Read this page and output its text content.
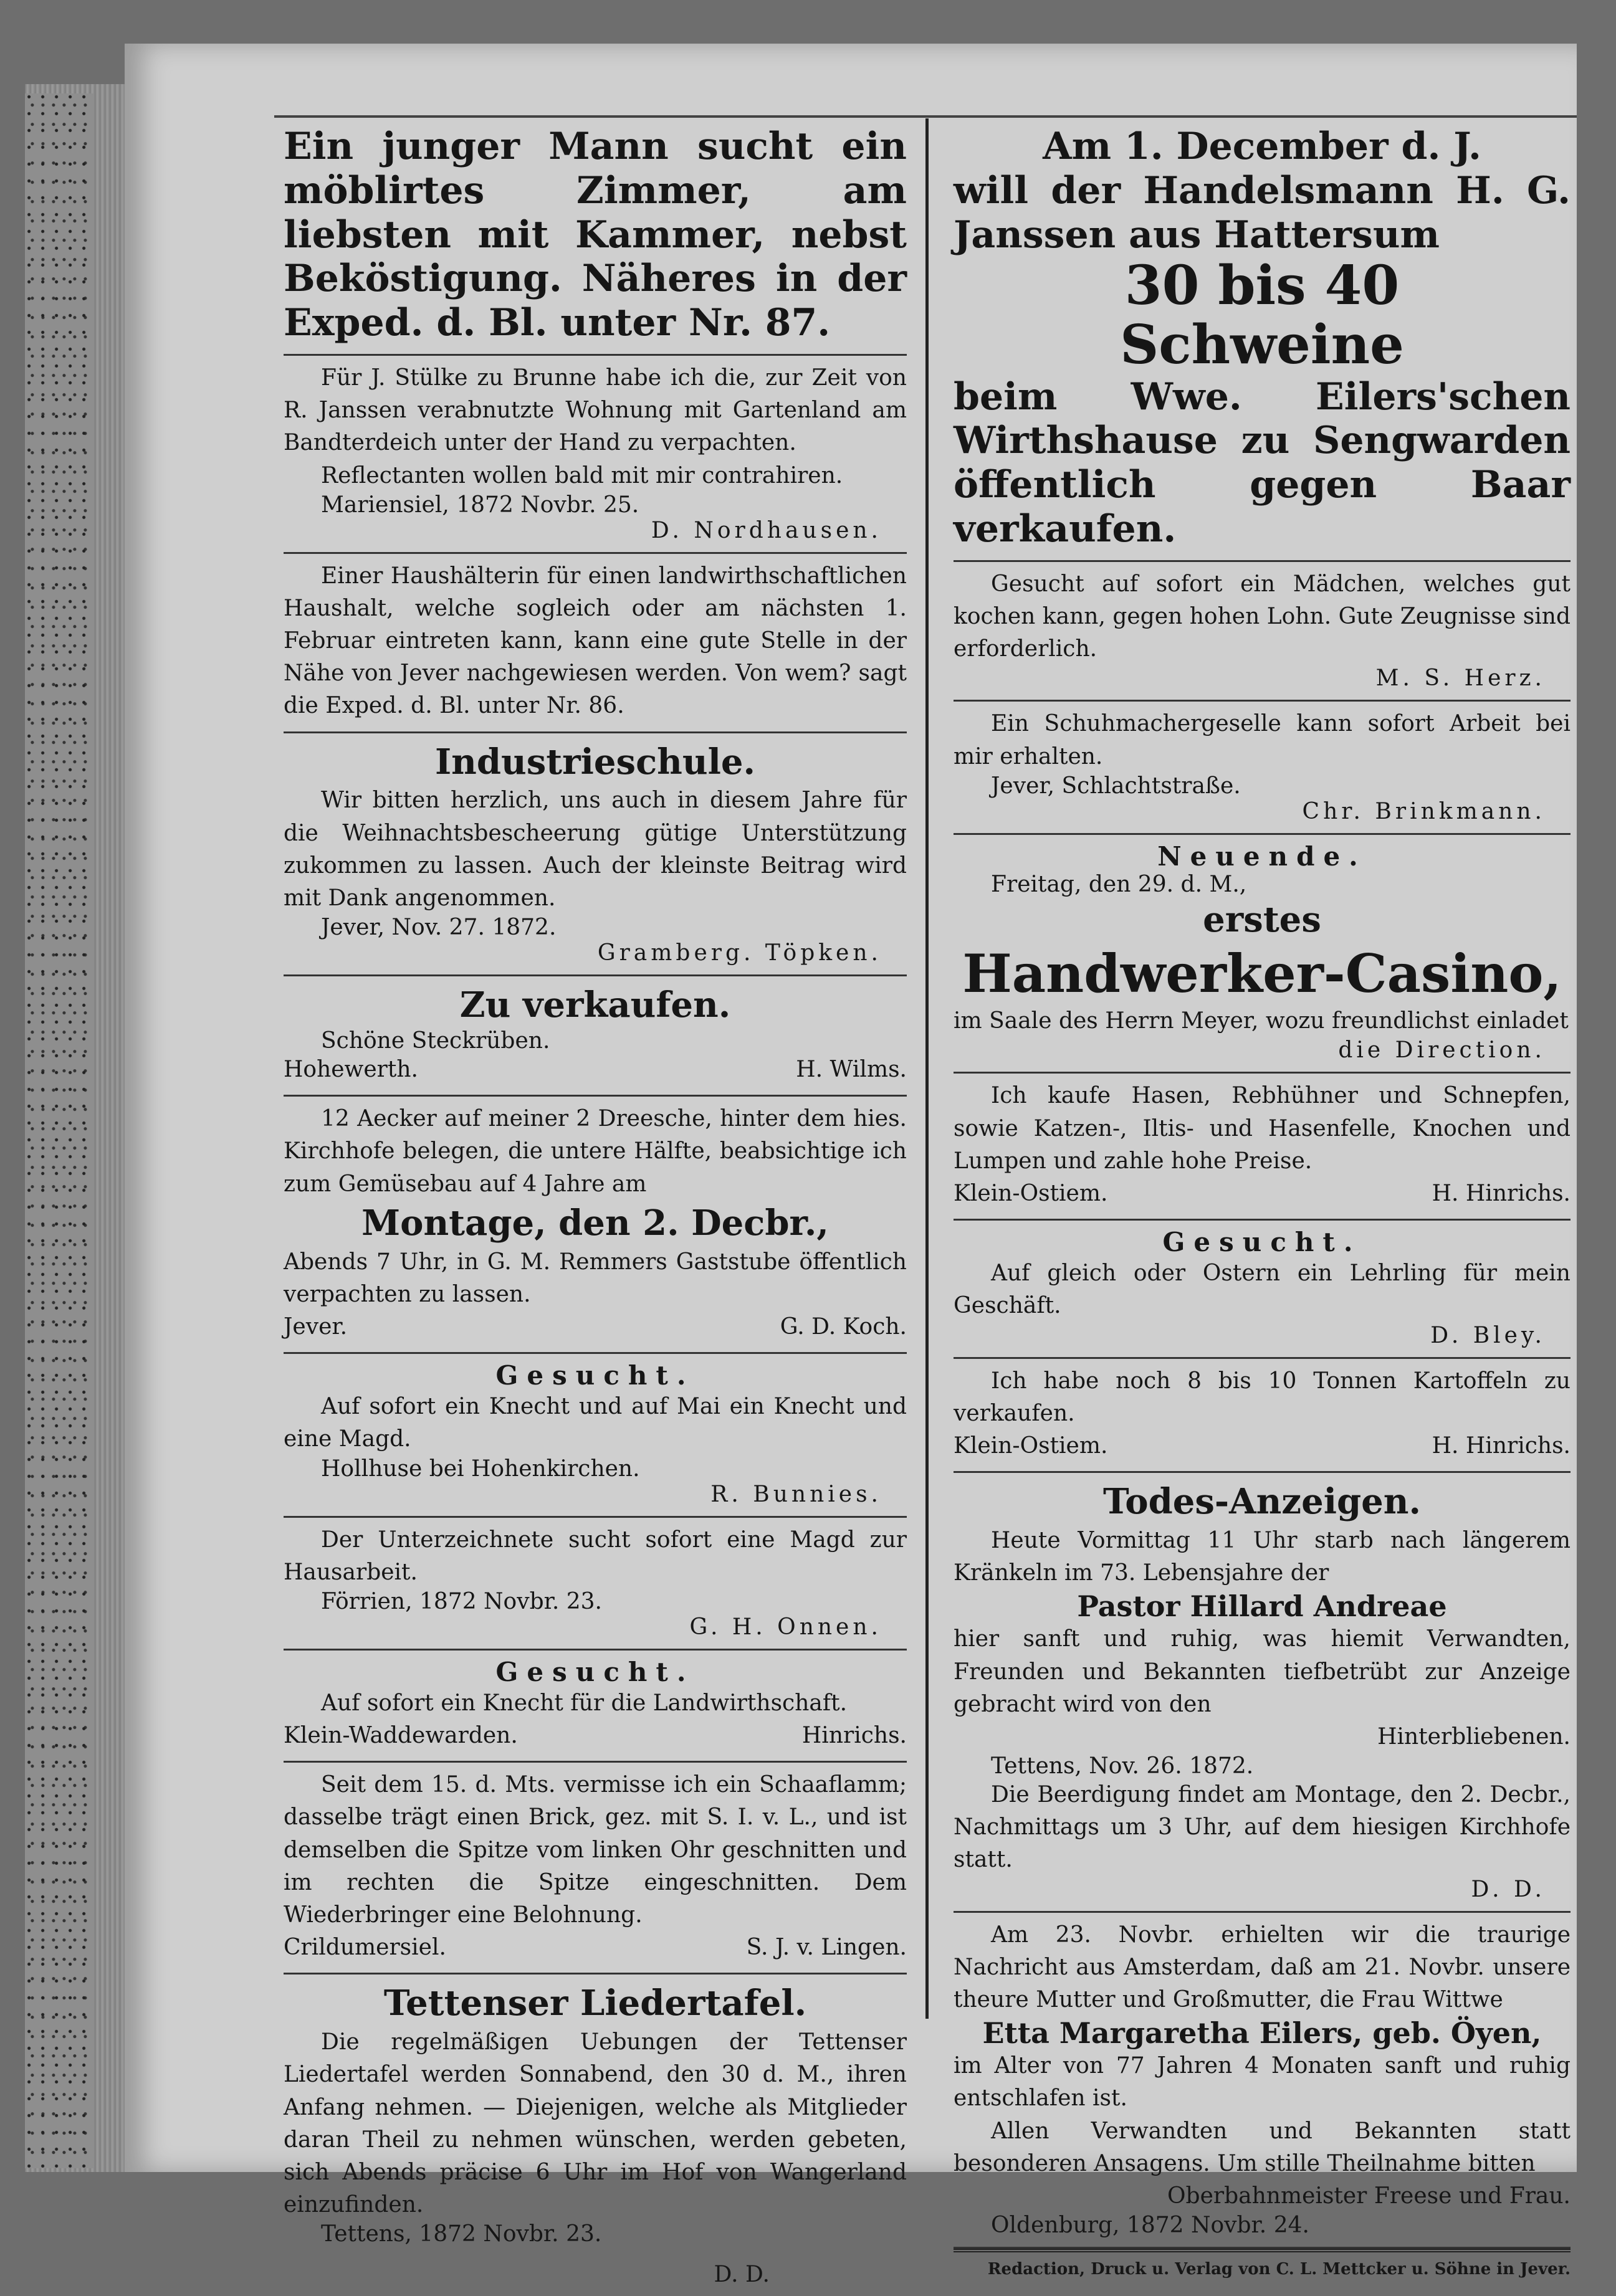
Ein junger Mann sucht ein möblirtes Zimmer, am liebsten mit Kammer, nebst Beköstigung. Näheres in der Exped. d. Bl. unter Nr. 87.
Für J. Stülke zu Brunne habe ich die, zur Zeit von R. Janssen verabnutzte Wohnung mit Gartenland am Bandterdeich unter der Hand zu verpachten.
Reflectanten wollen bald mit mir contrahiren.
Mariensiel, 1872 Novbr. 25.
D. Nordhausen.
Einer Haushälterin für einen landwirthschaftlichen Haushalt, welche sogleich oder am nächsten 1. Februar eintreten kann, kann eine gute Stelle in der Nähe von Jever nachgewiesen werden. Von wem? sagt die Exped. d. Bl. unter Nr. 86.
Industrieschule.
Wir bitten herzlich, uns auch in diesem Jahre für die Weihnachtsbescheerung gütige Unterstützung zukommen zu lassen. Auch der kleinste Beitrag wird mit Dank angenommen.
Jever, Nov. 27. 1872.
Gramberg. Töpken.
Zu verkaufen.
Schöne Steckrüben.
Hohewerth.	H. Wilms.
12 Aecker auf meiner 2 Dreesche, hinter dem hies. Kirchhofe belegen, die untere Hälfte, beabsichtige ich zum Gemüsebau auf 4 Jahre am
Montage, den 2. Decbr.,
Abends 7 Uhr, in G. M. Remmers Gaststube öffentlich verpachten zu lassen.
Jever.	G. D. Koch.
Gesucht.
Auf sofort ein Knecht und auf Mai ein Knecht und eine Magd.
Hollhuse bei Hohenkirchen.
R. Bunnies.
Der Unterzeichnete sucht sofort eine Magd zur Hausarbeit.
Förrien, 1872 Novbr. 23.
G. H. Onnen.
Gesucht.
Auf sofort ein Knecht für die Landwirthschaft.
Klein-Waddewarden.	Hinrichs.
Seit dem 15. d. Mts. vermisse ich ein Schaaflamm; dasselbe trägt einen Brick, gez. mit S. I. v. L., und ist demselben die Spitze vom linken Ohr geschnitten und im rechten die Spitze eingeschnitten. Dem Wiederbringer eine Belohnung.
Crildumersiel.	S. J. v. Lingen.
Tettenser Liedertafel.
Die regelmäßigen Uebungen der Tettenser Liedertafel werden Sonnabend, den 30 d. M., ihren Anfang nehmen. — Diejenigen, welche als Mitglieder daran Theil zu nehmen wünschen, werden gebeten, sich Abends präcise 6 Uhr im Hof von Wangerland einzufinden.
Tettens, 1872 Novbr. 23.
D. D.
Am 1. December d. J.
will der Handelsmann H. G. Janssen aus Hattersum
30 bis 40
Schweine
beim Wwe. Eilers'schen Wirthshause zu Sengwarden öffentlich gegen Baar verkaufen.
Gesucht auf sofort ein Mädchen, welches gut kochen kann, gegen hohen Lohn. Gute Zeugnisse sind erforderlich.
M. S. Herz.
Ein Schuhmachergeselle kann sofort Arbeit bei mir erhalten.
Jever, Schlachtstraße.
Chr. Brinkmann.
Neuende.
Freitag, den 29. d. M.,
erstes
Handwerker-Casino,
im Saale des Herrn Meyer, wozu freundlichst einladet
die Direction.
Ich kaufe Hasen, Rebhühner und Schnepfen, sowie Katzen-, Iltis- und Hasenfelle, Knochen und Lumpen und zahle hohe Preise.
Klein-Ostiem.	H. Hinrichs.
Gesucht.
Auf gleich oder Ostern ein Lehrling für mein Geschäft.
D. Bley.
Ich habe noch 8 bis 10 Tonnen Kartoffeln zu verkaufen.
Klein-Ostiem.	H. Hinrichs.
Todes-Anzeigen.
Heute Vormittag 11 Uhr starb nach längerem Kränkeln im 73. Lebensjahre der
Pastor Hillard Andreae
hier sanft und ruhig, was hiemit Verwandten, Freunden und Bekannten tiefbetrübt zur Anzeige gebracht wird von den
Hinterbliebenen.
Tettens, Nov. 26. 1872.
Die Beerdigung findet am Montage, den 2. Decbr., Nachmittags um 3 Uhr, auf dem hiesigen Kirchhofe statt.
D. D.
Am 23. Novbr. erhielten wir die traurige Nachricht aus Amsterdam, daß am 21. Novbr. unsere theure Mutter und Großmutter, die Frau Wittwe
Etta Margaretha Eilers, geb. Öyen,
im Alter von 77 Jahren 4 Monaten sanft und ruhig entschlafen ist.
Allen Verwandten und Bekannten statt besonderen Ansagens. Um stille Theilnahme bitten
Oberbahnmeister Freese und Frau.
Oldenburg, 1872 Novbr. 24.
Redaction, Druck u. Verlag von C. L. Mettcker u. Söhne in Jever.
